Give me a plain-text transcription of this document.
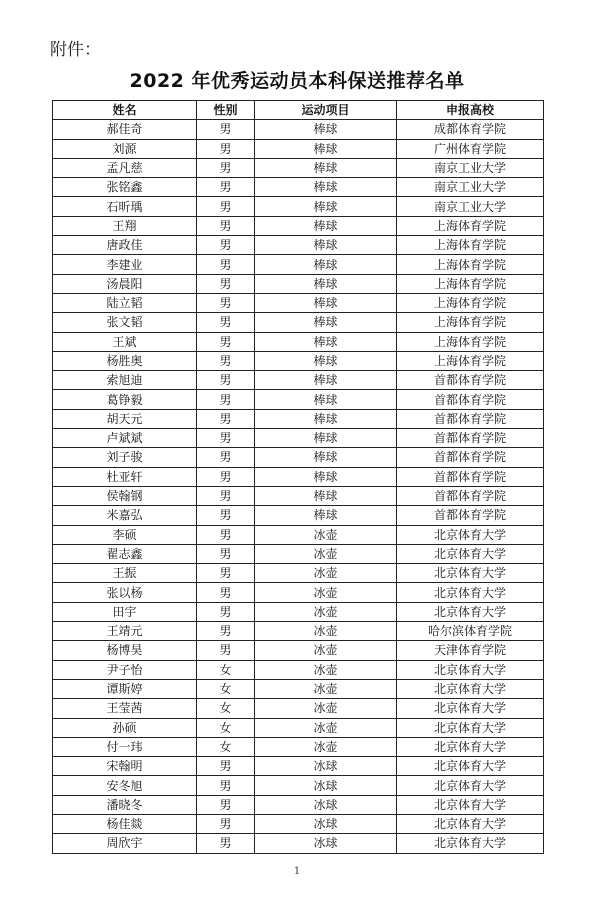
附件：
2022 年优秀运动员本科保送推荐名单
姓名	性别	运动项目	申报高校
郝佳奇	男	棒球	成都体育学院
刘源	男	棒球	广州体育学院
孟凡慈	男	棒球	南京工业大学
张铭鑫	男	棒球	南京工业大学
石昕瑀	男	棒球	南京工业大学
王翔	男	棒球	上海体育学院
唐政佳	男	棒球	上海体育学院
李建业	男	棒球	上海体育学院
汤晨阳	男	棒球	上海体育学院
陆立韬	男	棒球	上海体育学院
张文韬	男	棒球	上海体育学院
王斌	男	棒球	上海体育学院
杨胜奥	男	棒球	上海体育学院
索旭迪	男	棒球	首都体育学院
葛铮毅	男	棒球	首都体育学院
胡天元	男	棒球	首都体育学院
卢斌斌	男	棒球	首都体育学院
刘子骏	男	棒球	首都体育学院
杜亚轩	男	棒球	首都体育学院
侯翰钢	男	棒球	首都体育学院
米嘉弘	男	棒球	首都体育学院
李硕	男	冰壶	北京体育大学
翟志鑫	男	冰壶	北京体育大学
王振	男	冰壶	北京体育大学
张以杨	男	冰壶	北京体育大学
田宇	男	冰壶	北京体育大学
王靖元	男	冰壶	哈尔滨体育学院
杨博昊	男	冰壶	天津体育学院
尹子怡	女	冰壶	北京体育大学
谭斯婷	女	冰壶	北京体育大学
王莹茜	女	冰壶	北京体育大学
孙硕	女	冰壶	北京体育大学
付一玮	女	冰壶	北京体育大学
宋翰明	男	冰球	北京体育大学
安冬旭	男	冰球	北京体育大学
潘晓冬	男	冰球	北京体育大学
杨佳燚	男	冰球	北京体育大学
周欣宇	男	冰球	北京体育大学
1
